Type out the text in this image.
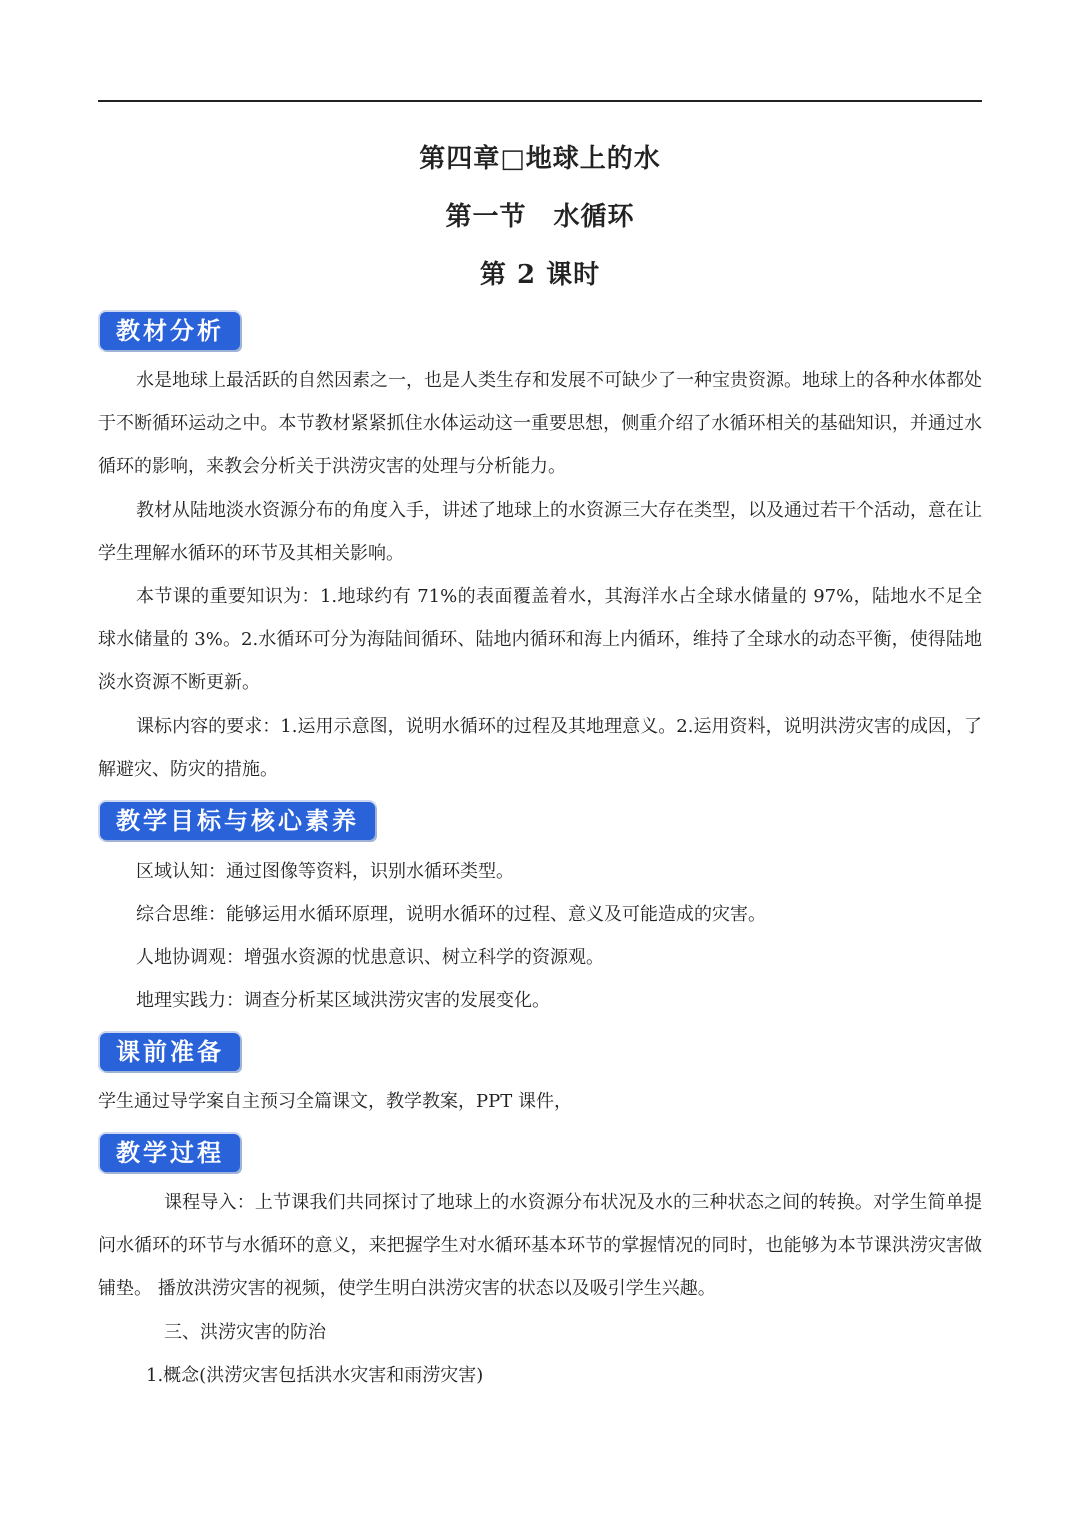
第四章□地球上的水
第一节　水循环
第 2 课时
教材分析
水是地球上最活跃的自然因素之一，也是人类生存和发展不可缺少了一种宝贵资源。地球上的各种水体都处于不断循环运动之中。本节教材紧紧抓住水体运动这一重要思想，侧重介绍了水循环相关的基础知识，并通过水循环的影响，来教会分析关于洪涝灾害的处理与分析能力。
教材从陆地淡水资源分布的角度入手，讲述了地球上的水资源三大存在类型，以及通过若干个活动，意在让学生理解水循环的环节及其相关影响。
本节课的重要知识为：1.地球约有 71%的表面覆盖着水，其海洋水占全球水储量的 97%，陆地水不足全球水储量的 3%。2.水循环可分为海陆间循环、陆地内循环和海上内循环，维持了全球水的动态平衡，使得陆地淡水资源不断更新。
课标内容的要求：1.运用示意图，说明水循环的过程及其地理意义。2.运用资料，说明洪涝灾害的成因，了解避灾、防灾的措施。
教学目标与核心素养
区域认知：通过图像等资料，识别水循环类型。
综合思维：能够运用水循环原理，说明水循环的过程、意义及可能造成的灾害。
人地协调观：增强水资源的忧患意识、树立科学的资源观。
地理实践力：调查分析某区域洪涝灾害的发展变化。
课前准备
学生通过导学案自主预习全篇课文，教学教案，PPT 课件，
教学过程
课程导入：上节课我们共同探讨了地球上的水资源分布状况及水的三种状态之间的转换。对学生简单提问水循环的环节与水循环的意义，来把握学生对水循环基本环节的掌握情况的同时，也能够为本节课洪涝灾害做铺垫。 播放洪涝灾害的视频，使学生明白洪涝灾害的状态以及吸引学生兴趣。
三、洪涝灾害的防治
1.概念(洪涝灾害包括洪水灾害和雨涝灾害)
